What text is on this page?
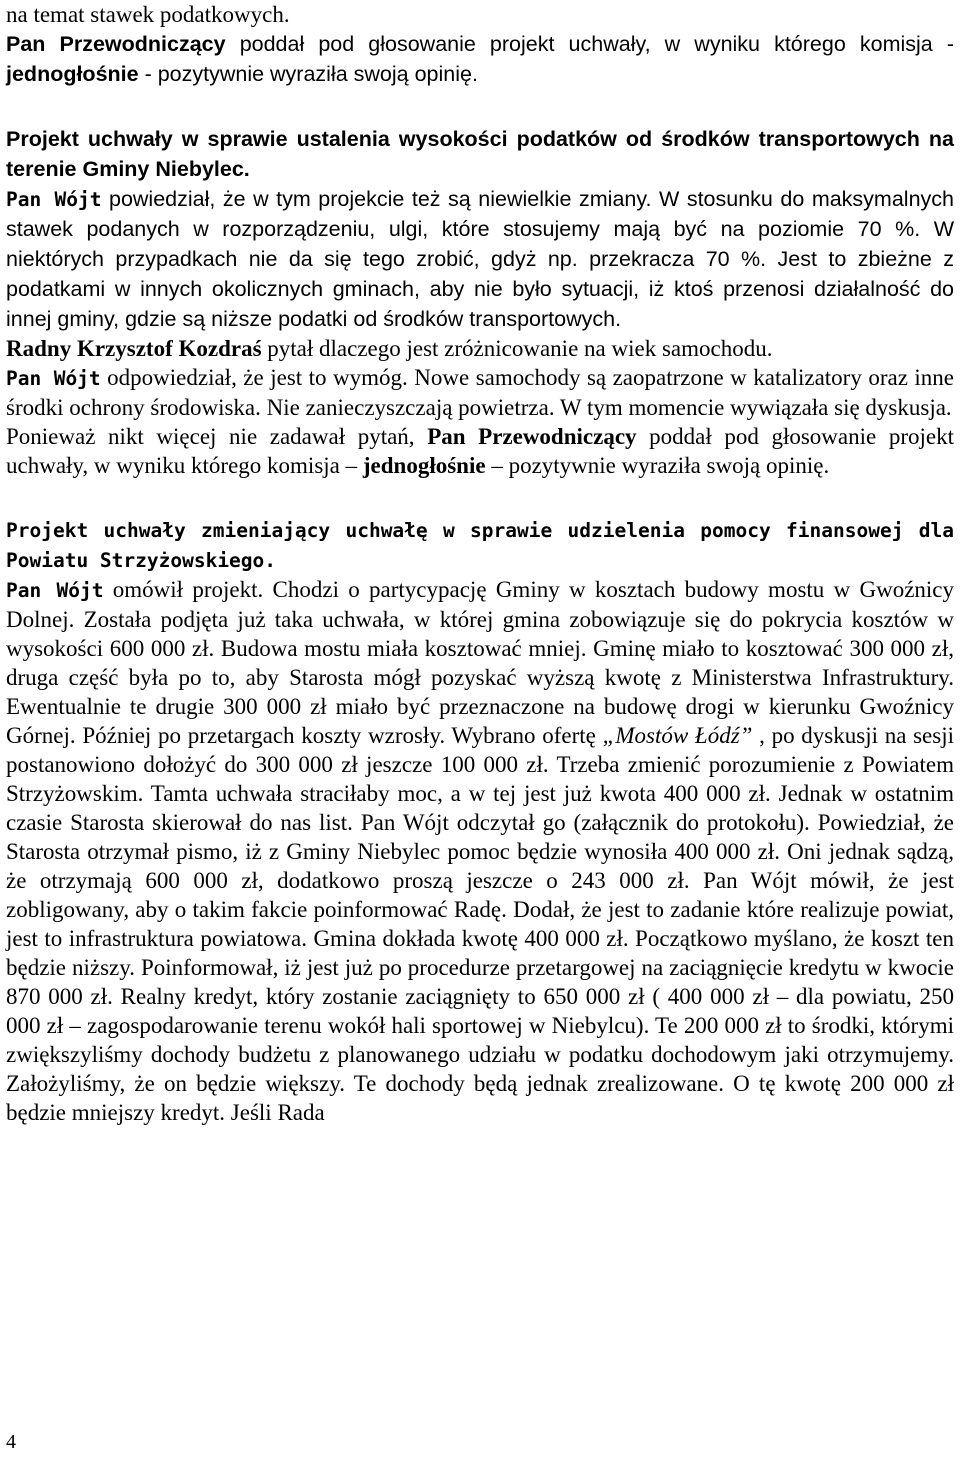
na temat stawek podatkowych.
Pan Przewodniczący poddał pod głosowanie projekt uchwały, w wyniku którego komisja - jednogłośnie - pozytywnie wyraziła swoją opinię.

Projekt uchwały w sprawie ustalenia wysokości podatków od środków transportowych na terenie Gminy Niebylec.
Pan Wójt powiedział, że w tym projekcie też są niewielkie zmiany. W stosunku do maksymalnych stawek podanych w rozporządzeniu, ulgi, które stosujemy mają być na poziomie 70 %. W niektórych przypadkach nie da się tego zrobić, gdyż np. przekracza 70 %. Jest to zbieżne z podatkami w innych okolicznych gminach, aby nie było sytuacji, iż ktoś przenosi działalność do innej gminy, gdzie są niższe podatki od środków transportowych.
Radny Krzysztof Kozdraś pytał dlaczego jest zróżnicowanie na wiek samochodu.
Pan Wójt odpowiedział, że jest to wymóg. Nowe samochody są zaopatrzone w katalizatory oraz inne środki ochrony środowiska. Nie zanieczyszczają powietrza. W tym momencie wywiązała się dyskusja.
Ponieważ nikt więcej nie zadawał pytań, Pan Przewodniczący poddał pod głosowanie projekt uchwały, w wyniku którego komisja – jednogłośnie – pozytywnie wyraziła swoją opinię.

Projekt uchwały zmieniający uchwałę w sprawie udzielenia pomocy finansowej dla Powiatu Strzyżowskiego.
Pan Wójt omówił projekt. Chodzi o partycypację Gminy w kosztach budowy mostu w Gwoźnicy Dolnej. Została podjęta już taka uchwała, w której gmina zobowiązuje się do pokrycia kosztów w wysokości 600 000 zł. Budowa mostu miała kosztować mniej. Gminę miało to kosztować 300 000 zł, druga część była po to, aby Starosta mógł pozyskać wyższą kwotę z Ministerstwa Infrastruktury. Ewentualnie te drugie 300 000 zł miało być przeznaczone na budowę drogi w kierunku Gwoźnicy Górnej. Później po przetargach koszty wzrosły. Wybrano ofertę „Mostów Łódź” , po dyskusji na sesji postanowiono dołożyć do 300 000 zł jeszcze 100 000 zł. Trzeba zmienić porozumienie z Powiatem Strzyżowskim. Tamta uchwała straciłaby moc, a w tej jest już kwota 400 000 zł. Jednak w ostatnim czasie Starosta skierował do nas list. Pan Wójt odczytał go (załącznik do protokołu). Powiedział, że Starosta otrzymał pismo, iż z Gminy Niebylec pomoc będzie wynosiła 400 000 zł. Oni jednak sądzą, że otrzymają 600 000 zł, dodatkowo proszą jeszcze o 243 000 zł. Pan Wójt mówił, że jest zobligowany, aby o takim fakcie poinformować Radę. Dodał, że jest to zadanie które realizuje powiat, jest to infrastruktura powiatowa. Gmina dokłada kwotę 400 000 zł. Początkowo myślano, że koszt ten będzie niższy. Poinformował, iż jest już po procedurze przetargowej na zaciągnięcie kredytu w kwocie 870 000 zł. Realny kredyt, który zostanie zaciągnięty to 650 000 zł ( 400 000 zł – dla powiatu, 250 000 zł – zagospodarowanie terenu wokół hali sportowej w Niebylcu). Te 200 000 zł to środki, którymi zwiększyliśmy dochody budżetu z planowanego udziału w podatku dochodowym jaki otrzymujemy. Założyliśmy, że on będzie większy. Te dochody będą jednak zrealizowane. O tę kwotę 200 000 zł będzie mniejszy kredyt. Jeśli Rada

4
